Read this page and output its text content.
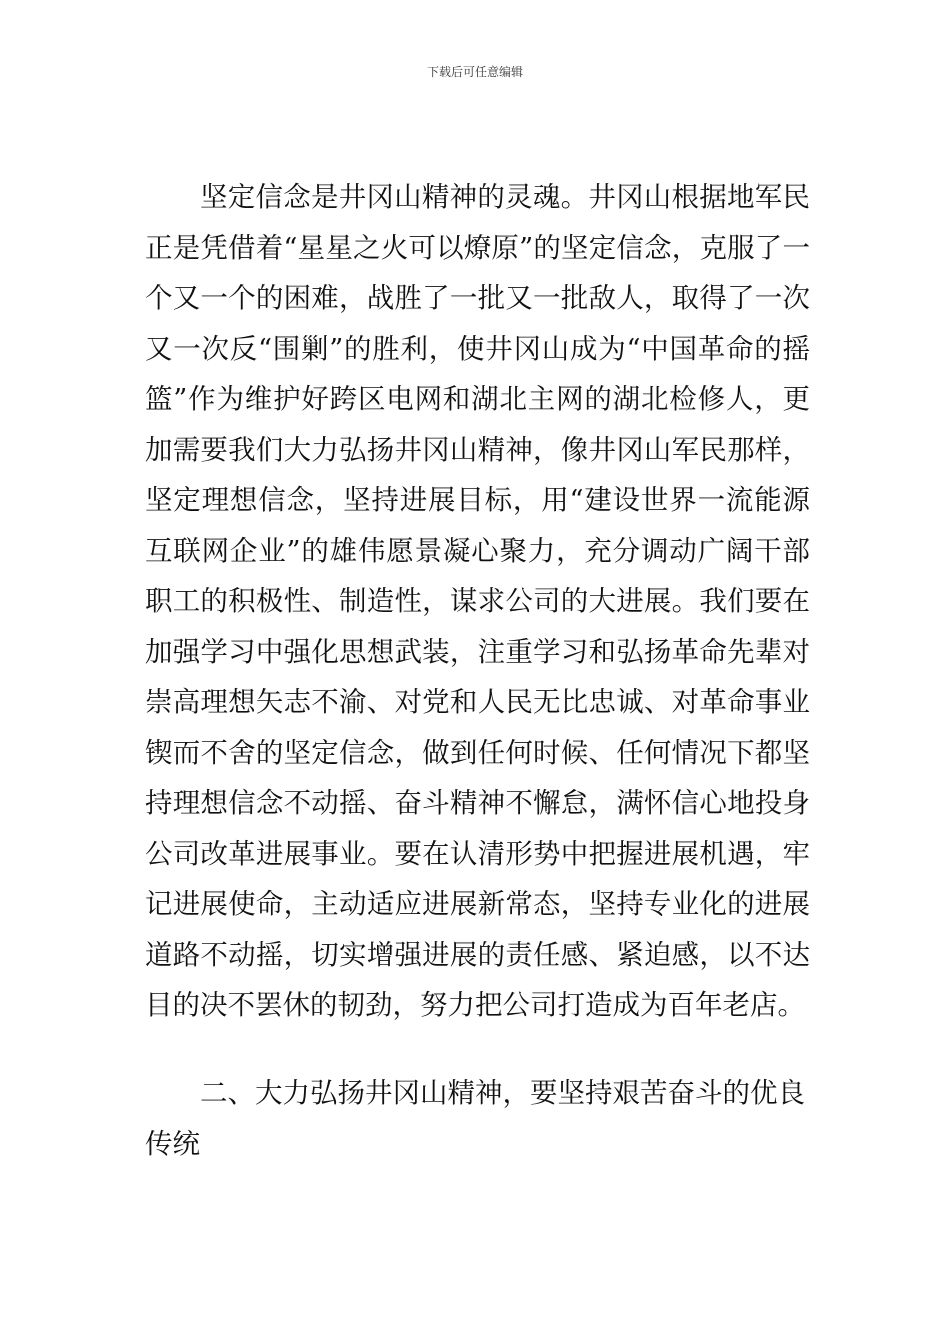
下载后可任意编辑

坚定信念是井冈山精神的灵魂。井冈山根据地军民正是凭借着“星星之火可以燎原”的坚定信念，克服了一个又一个的困难，战胜了一批又一批敌人，取得了一次又一次反“围剿”的胜利，使井冈山成为“中国革命的摇篮”作为维护好跨区电网和湖北主网的湖北检修人，更加需要我们大力弘扬井冈山精神，像井冈山军民那样，坚定理想信念，坚持进展目标，用“建设世界一流能源互联网企业”的雄伟愿景凝心聚力，充分调动广阔干部职工的积极性、制造性，谋求公司的大进展。我们要在加强学习中强化思想武装，注重学习和弘扬革命先辈对崇高理想矢志不渝、对党和人民无比忠诚、对革命事业锲而不舍的坚定信念，做到任何时候、任何情况下都坚持理想信念不动摇、奋斗精神不懈怠，满怀信心地投身公司改革进展事业。要在认清形势中把握进展机遇，牢记进展使命，主动适应进展新常态，坚持专业化的进展道路不动摇，切实增强进展的责任感、紧迫感，以不达目的决不罢休的韧劲，努力把公司打造成为百年老店。

二、大力弘扬井冈山精神，要坚持艰苦奋斗的优良传统
